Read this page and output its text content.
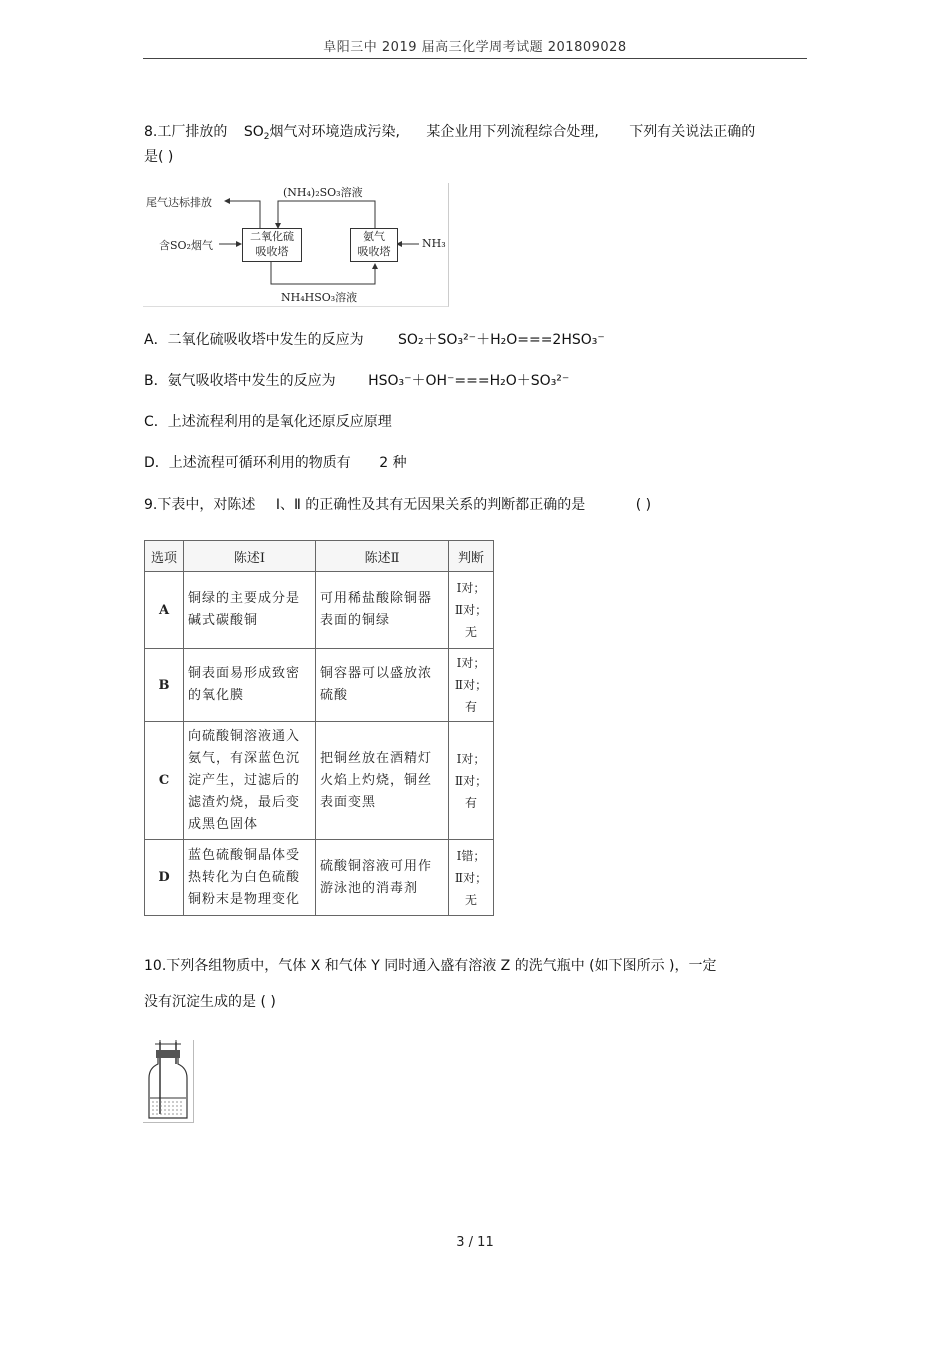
阜阳三中 2019 届高三化学周考试题 201809028
8.工厂排放的 $SO_2$烟气对环境造成污染, 某企业用下列流程综合处理, 下列有关说法正确的
是( )
尾气达标排放
(NH₄)₂SO₃溶液
含SO₂烟气
二氧化硫
吸收塔
氨气
吸收塔
NH₃
NH₄HSO₃溶液
A．二氧化硫吸收塔中发生的反应为 SO₂＋SO₃²⁻＋H₂O===2HSO₃⁻
B．氨气吸收塔中发生的反应为 HSO₃⁻＋OH⁻===H₂O＋SO₃²⁻
C．上述流程利用的是氧化还原反应原理
D．上述流程可循环利用的物质有 2 种
9.下表中，对陈述 Ⅰ、Ⅱ 的正确性及其有无因果关系的判断都正确的是	( )
选项	陈述Ⅰ	陈述Ⅱ	判断
A	铜绿的主要成分是碱式碳酸铜	可用稀盐酸除铜器表面的铜绿	Ⅰ对；
Ⅱ对；
无
B	铜表面易形成致密的氧化膜	铜容器可以盛放浓硫酸	Ⅰ对；
Ⅱ对；
有
C	向硫酸铜溶液通入氨气，有深蓝色沉淀产生，过滤后的滤渣灼烧，最后变成黑色固体	把铜丝放在酒精灯火焰上灼烧，铜丝表面变黑	Ⅰ对；
Ⅱ对；
有
D	蓝色硫酸铜晶体受热转化为白色硫酸铜粉末是物理变化	硫酸铜溶液可用作游泳池的消毒剂	Ⅰ错；
Ⅱ对；
无
10.下列各组物质中，气体 X 和气体 Y 同时通入盛有溶液 Z 的洗气瓶中 (如下图所示 )，一定
没有沉淀生成的是 ( )
3 / 11
